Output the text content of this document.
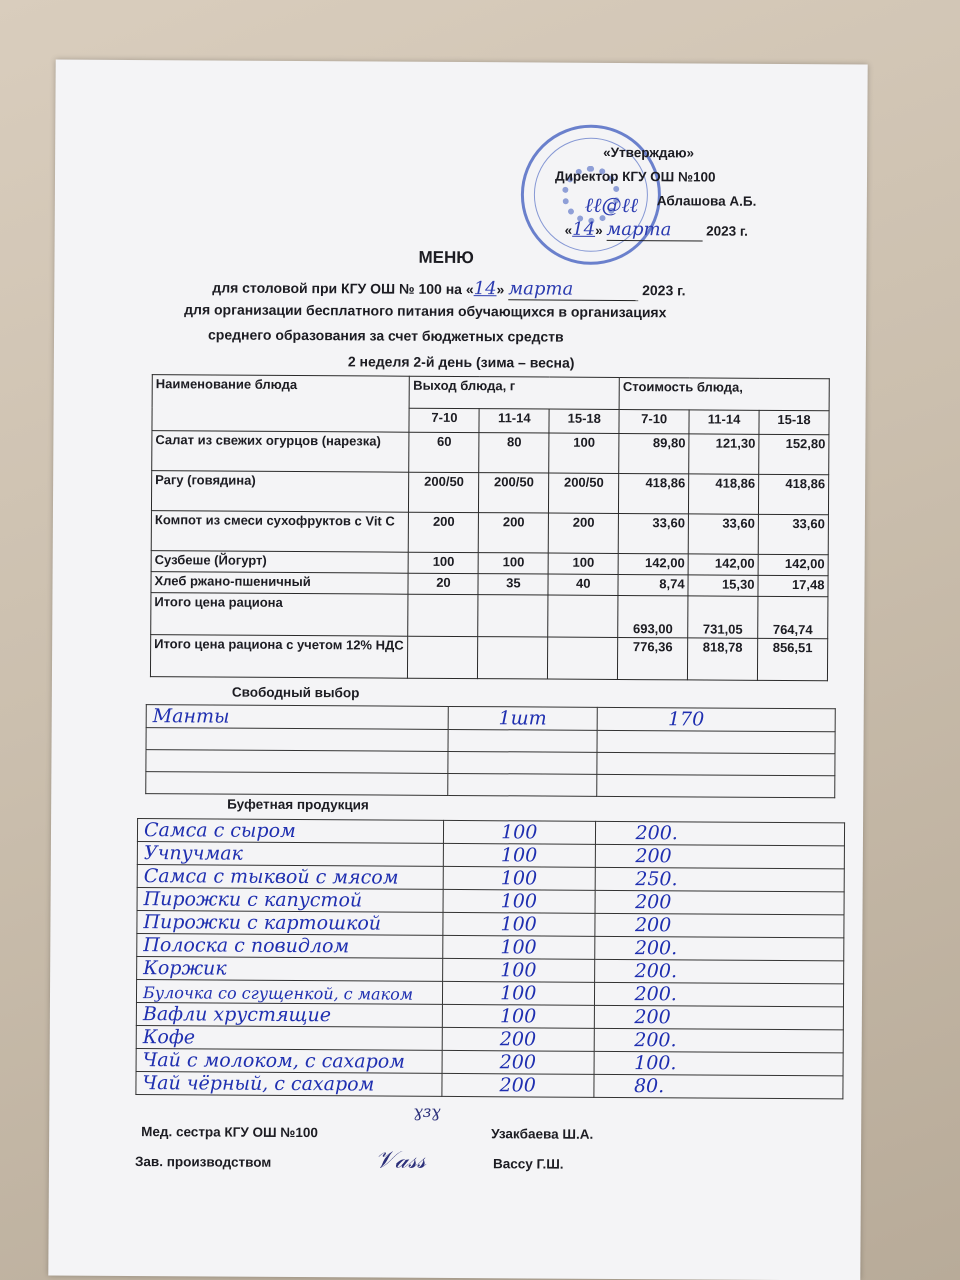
«Утверждаю»
Директор КГУ ОШ №100
ℓℓ@ℓℓ Аблашова А.Б.
«14» марта	2023 г.
МЕНЮ
для столовой при КГУ ОШ № 100 на «14» марта	2023 г.
для организации бесплатного питания обучающихся в организациях
среднего образования за счет бюджетных средств
2 неделя 2-й день (зима – весна)
Наименование блюда	Выход блюда, г			Стоимость блюда,		
	7-10	11-14	15-18	7-10	11-14	15-18
Салат из свежих огурцов (нарезка)	60	80	100	89,80	121,30	152,80
Рагу (говядина)	200/50	200/50	200/50	418,86	418,86	418,86
Компот из смеси сухофруктов с Vit C	200	200	200	33,60	33,60	33,60
Сузбеше (Йогурт)	100	100	100	142,00	142,00	142,00
Хлеб ржано-пшеничный	20	35	40	8,74	15,30	17,48
Итого цена рациона				693,00	731,05	764,74
Итого цена рациона с учетом 12% НДС				776,36	818,78	856,51
Свободный выбор
Манты	1шт	170

Буфетная продукция
Самса с сыром	100	200.
Учпучмак	100	200
Самса с тыквой с мясом	100	250.
Пирожки с капустой	100	200
Пирожки с картошкой	100	200
Полоска с повидлом	100	200.
Коржик	100	200.
Булочка со сгущенкой, с маком	100	200.
Вафли хрустящие	100	200
Кофе	200	200.
Чай с молоком, с сахаром	200	100.
Чай чёрный, с сахаром	200	80.
ɣɜɣ
Мед. сестра КГУ ОШ №100	Узакбаева Ш.А.
Зав. производством	𝒱𝒶𝓈𝓈	Вассу Г.Ш.
